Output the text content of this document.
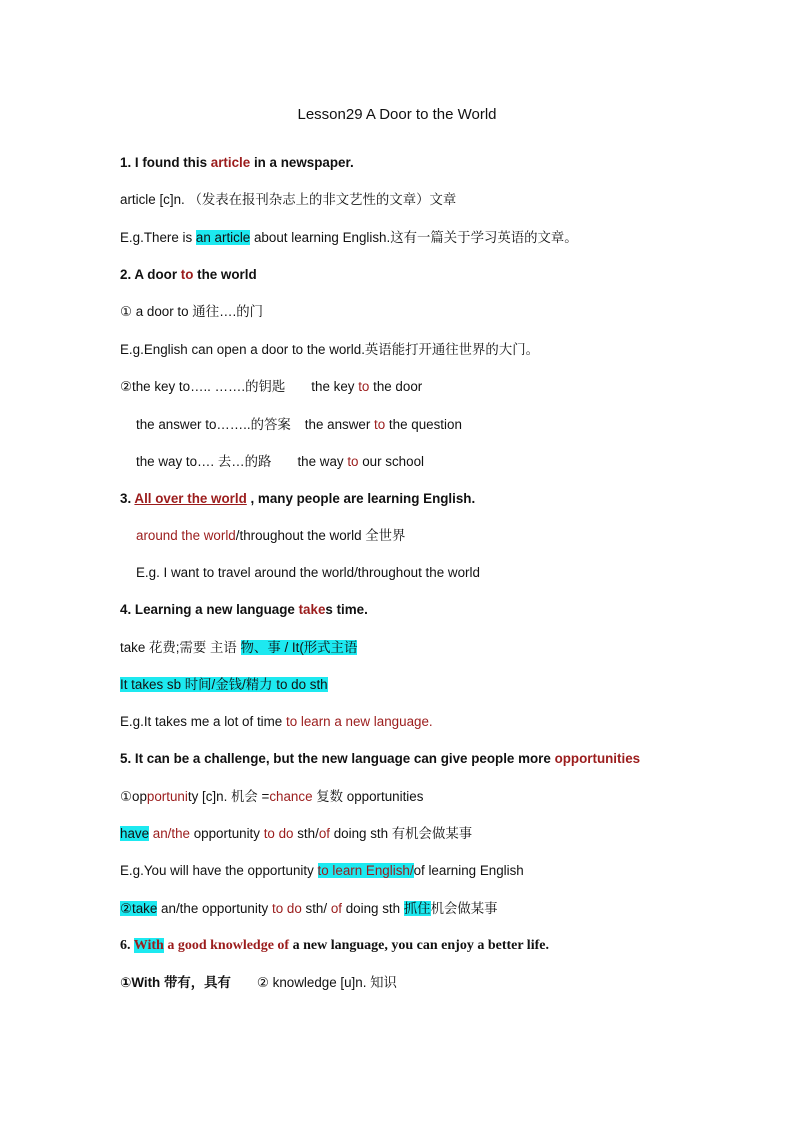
Lesson29 A Door to the World
1. I found this article in a newspaper.
article [c]n. （发表在报刊杂志上的非文艺性的文章）文章
E.g.There is an article about learning English.这有一篇关于学习英语的文章。
2. A door to the world
① a door to 通往….的门
E.g.English can open a door to the world.英语能打开通往世界的大门。
②the key to….. …….的钥匙 the key to the door
the answer to……..的答案 the answer to the question
the way to…. 去…的路 the way to our school
3. All over the world , many people are learning English.
around the world/throughout the world 全世界
E.g. I want to travel around the world/throughout the world
4. Learning a new language takes time.
take 花费;需要 主语 物、事 / It(形式主语
It takes sb 时间/金钱/精力 to do sth
E.g.It takes me a lot of time to learn a new language.
5. It can be a challenge, but the new language can give people more opportunities
①opportunity [c]n. 机会 =chance 复数 opportunities
have an/the opportunity to do sth/of doing sth 有机会做某事
E.g.You will have the opportunity to learn English/of learning English
②take an/the opportunity to do sth/ of doing sth 抓住机会做某事
6. With a good knowledge of a new language, you can enjoy a better life.
①With 带有，具有 ② knowledge [u]n. 知识
